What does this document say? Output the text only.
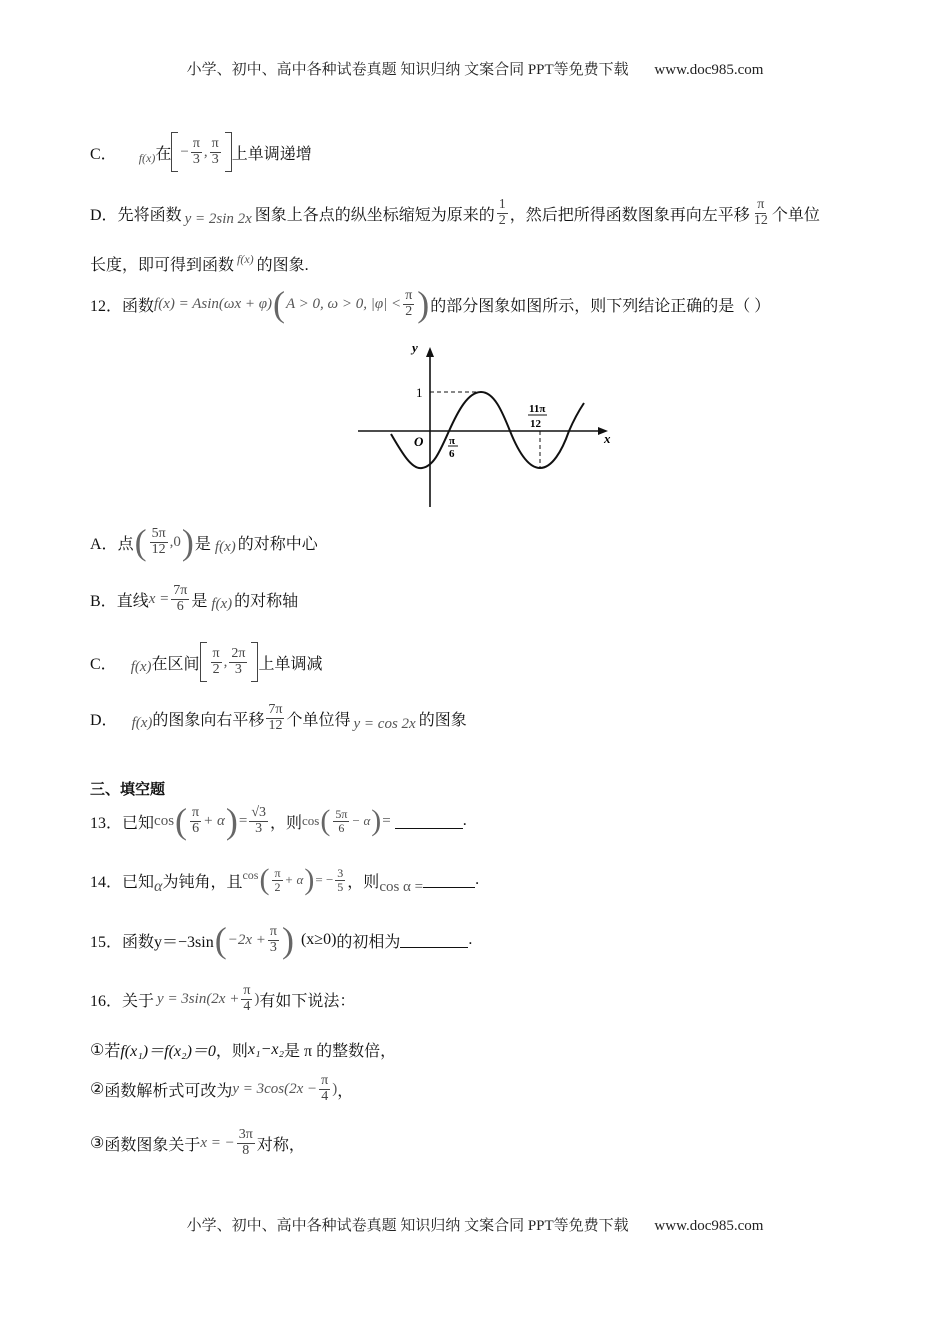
小学、初中、高中各种试卷真题 知识归纳 文案合同 PPT等免费下载 www.doc985.com
C． f(x) 在 − $\frac{\pi}{3}$ , $\frac{\pi}{3}$ 上单调递增
D． 先将函数 y = 2sin 2x 图象上各点的纵坐标缩短为原来的 $\frac{1}{2}$ ，然后把所得函数图象再向左平移 $\frac{\pi}{12}$ 个单位
长度，即可得到函数 f(x) 的图象.
12． 函数 f(x) = Asin(ωx + φ) ( A > 0, ω > 0, $|\varphi| < \frac{\pi}{2}$ ) 的部分图象如图所示，则下列结论正确的是（ ）
y
x
O
1
π
6
11π
12
A． 点 ( $\frac{5\pi}{12} ,0$ ) 是 f(x) 的对称中心
B． 直线 $x = \frac{7\pi}{6}$ 是 f(x) 的对称轴
C． f(x) 在区间 $\frac{\pi}{2}$ , $\frac{2\pi}{3}$ 上单调减
D． f(x) 的图象向右平移 $\frac{7\pi}{12}$ 个单位得 y = cos 2x 的图象
三、填空题
13． 已知 cos ( $\frac{\pi}{6} + \alpha$ ) = $\frac{√3}{3}$ ，则 cos ( $\frac{5\pi}{6} - \alpha$ ) =	.
14． 已知 α 为钝角，且 cos ( $\frac{\pi}{2} + \alpha$ ) = − $\frac{3}{5}$ ，则 cos α =	.
15． 函数 y＝−3sin ( $-2x + \frac{\pi}{3}$ ) (x≥0) 的初相为	.
16． 关于 $y = 3\sin(2x + \frac{\pi}{4}$ ) 有如下说法：
① 若 f(x₁)＝f(x₂)＝0 ，则 x₁−x₂ 是 π 的整数倍，
② 函数解析式可改为 $y = 3\cos(2x - \frac{\pi}{4}$ ) ，
③ 函数图象关于 x = − $\frac{3\pi}{8}$ 对称，
小学、初中、高中各种试卷真题 知识归纳 文案合同 PPT等免费下载 www.doc985.com
